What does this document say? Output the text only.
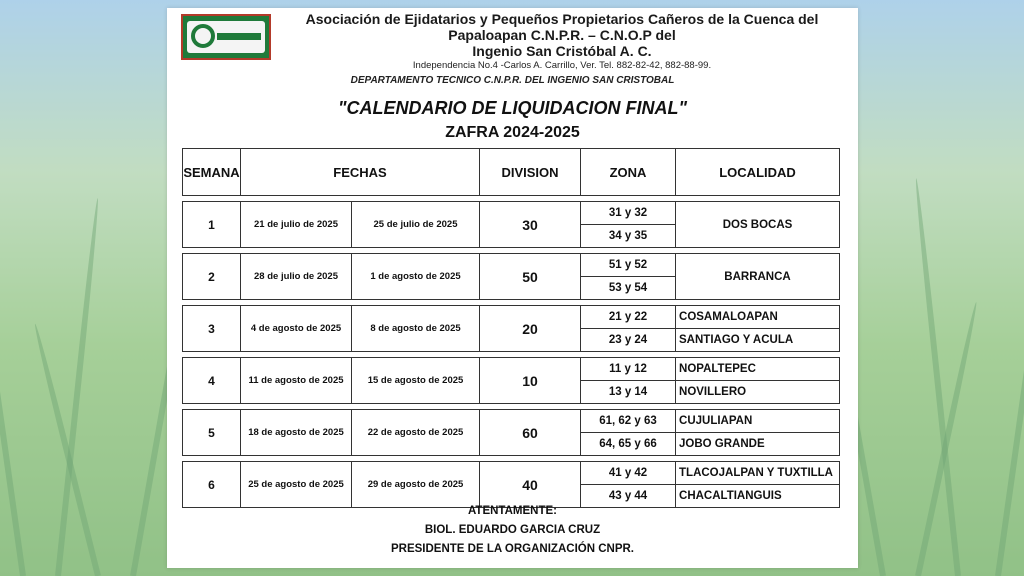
Asociación de Ejidatarios y Pequeños Propietarios Cañeros de la Cuenca del
Papaloapan C.N.P.R. – C.N.O.P del
Ingenio San Cristóbal A. C.
Independencia No.4 -Carlos A. Carrillo, Ver. Tel. 882-82-42, 882-88-99.
DEPARTAMENTO TECNICO C.N.P.R. DEL INGENIO SAN CRISTOBAL
"CALENDARIO DE LIQUIDACION FINAL"
ZAFRA 2024-2025
SEMANA	FECHAS		DIVISION	ZONA	LOCALIDAD

1	21 de julio de 2025	25 de julio de 2025	30	31 y 32	DOS BOCAS
				34 y 35	

2	28 de julio de 2025	1 de agosto de 2025	50	51 y 52	BARRANCA
				53 y 54	

3	4 de agosto de 2025	8 de agosto de 2025	20	21 y 22	COSAMALOAPAN
				23 y 24	SANTIAGO Y ACULA

4	11 de agosto de 2025	15 de agosto de 2025	10	11 y 12	NOPALTEPEC
				13 y 14	NOVILLERO

5	18 de agosto de 2025	22 de agosto de 2025	60	61, 62 y 63	CUJULIAPAN
				64, 65 y 66	JOBO GRANDE

6	25 de agosto de 2025	29 de agosto de 2025	40	41 y 42	TLACOJALPAN Y TUXTILLA
				43 y 44	CHACALTIANGUIS
ATENTAMENTE:
BIOL. EDUARDO GARCIA CRUZ
PRESIDENTE DE LA ORGANIZACIÓN CNPR.
